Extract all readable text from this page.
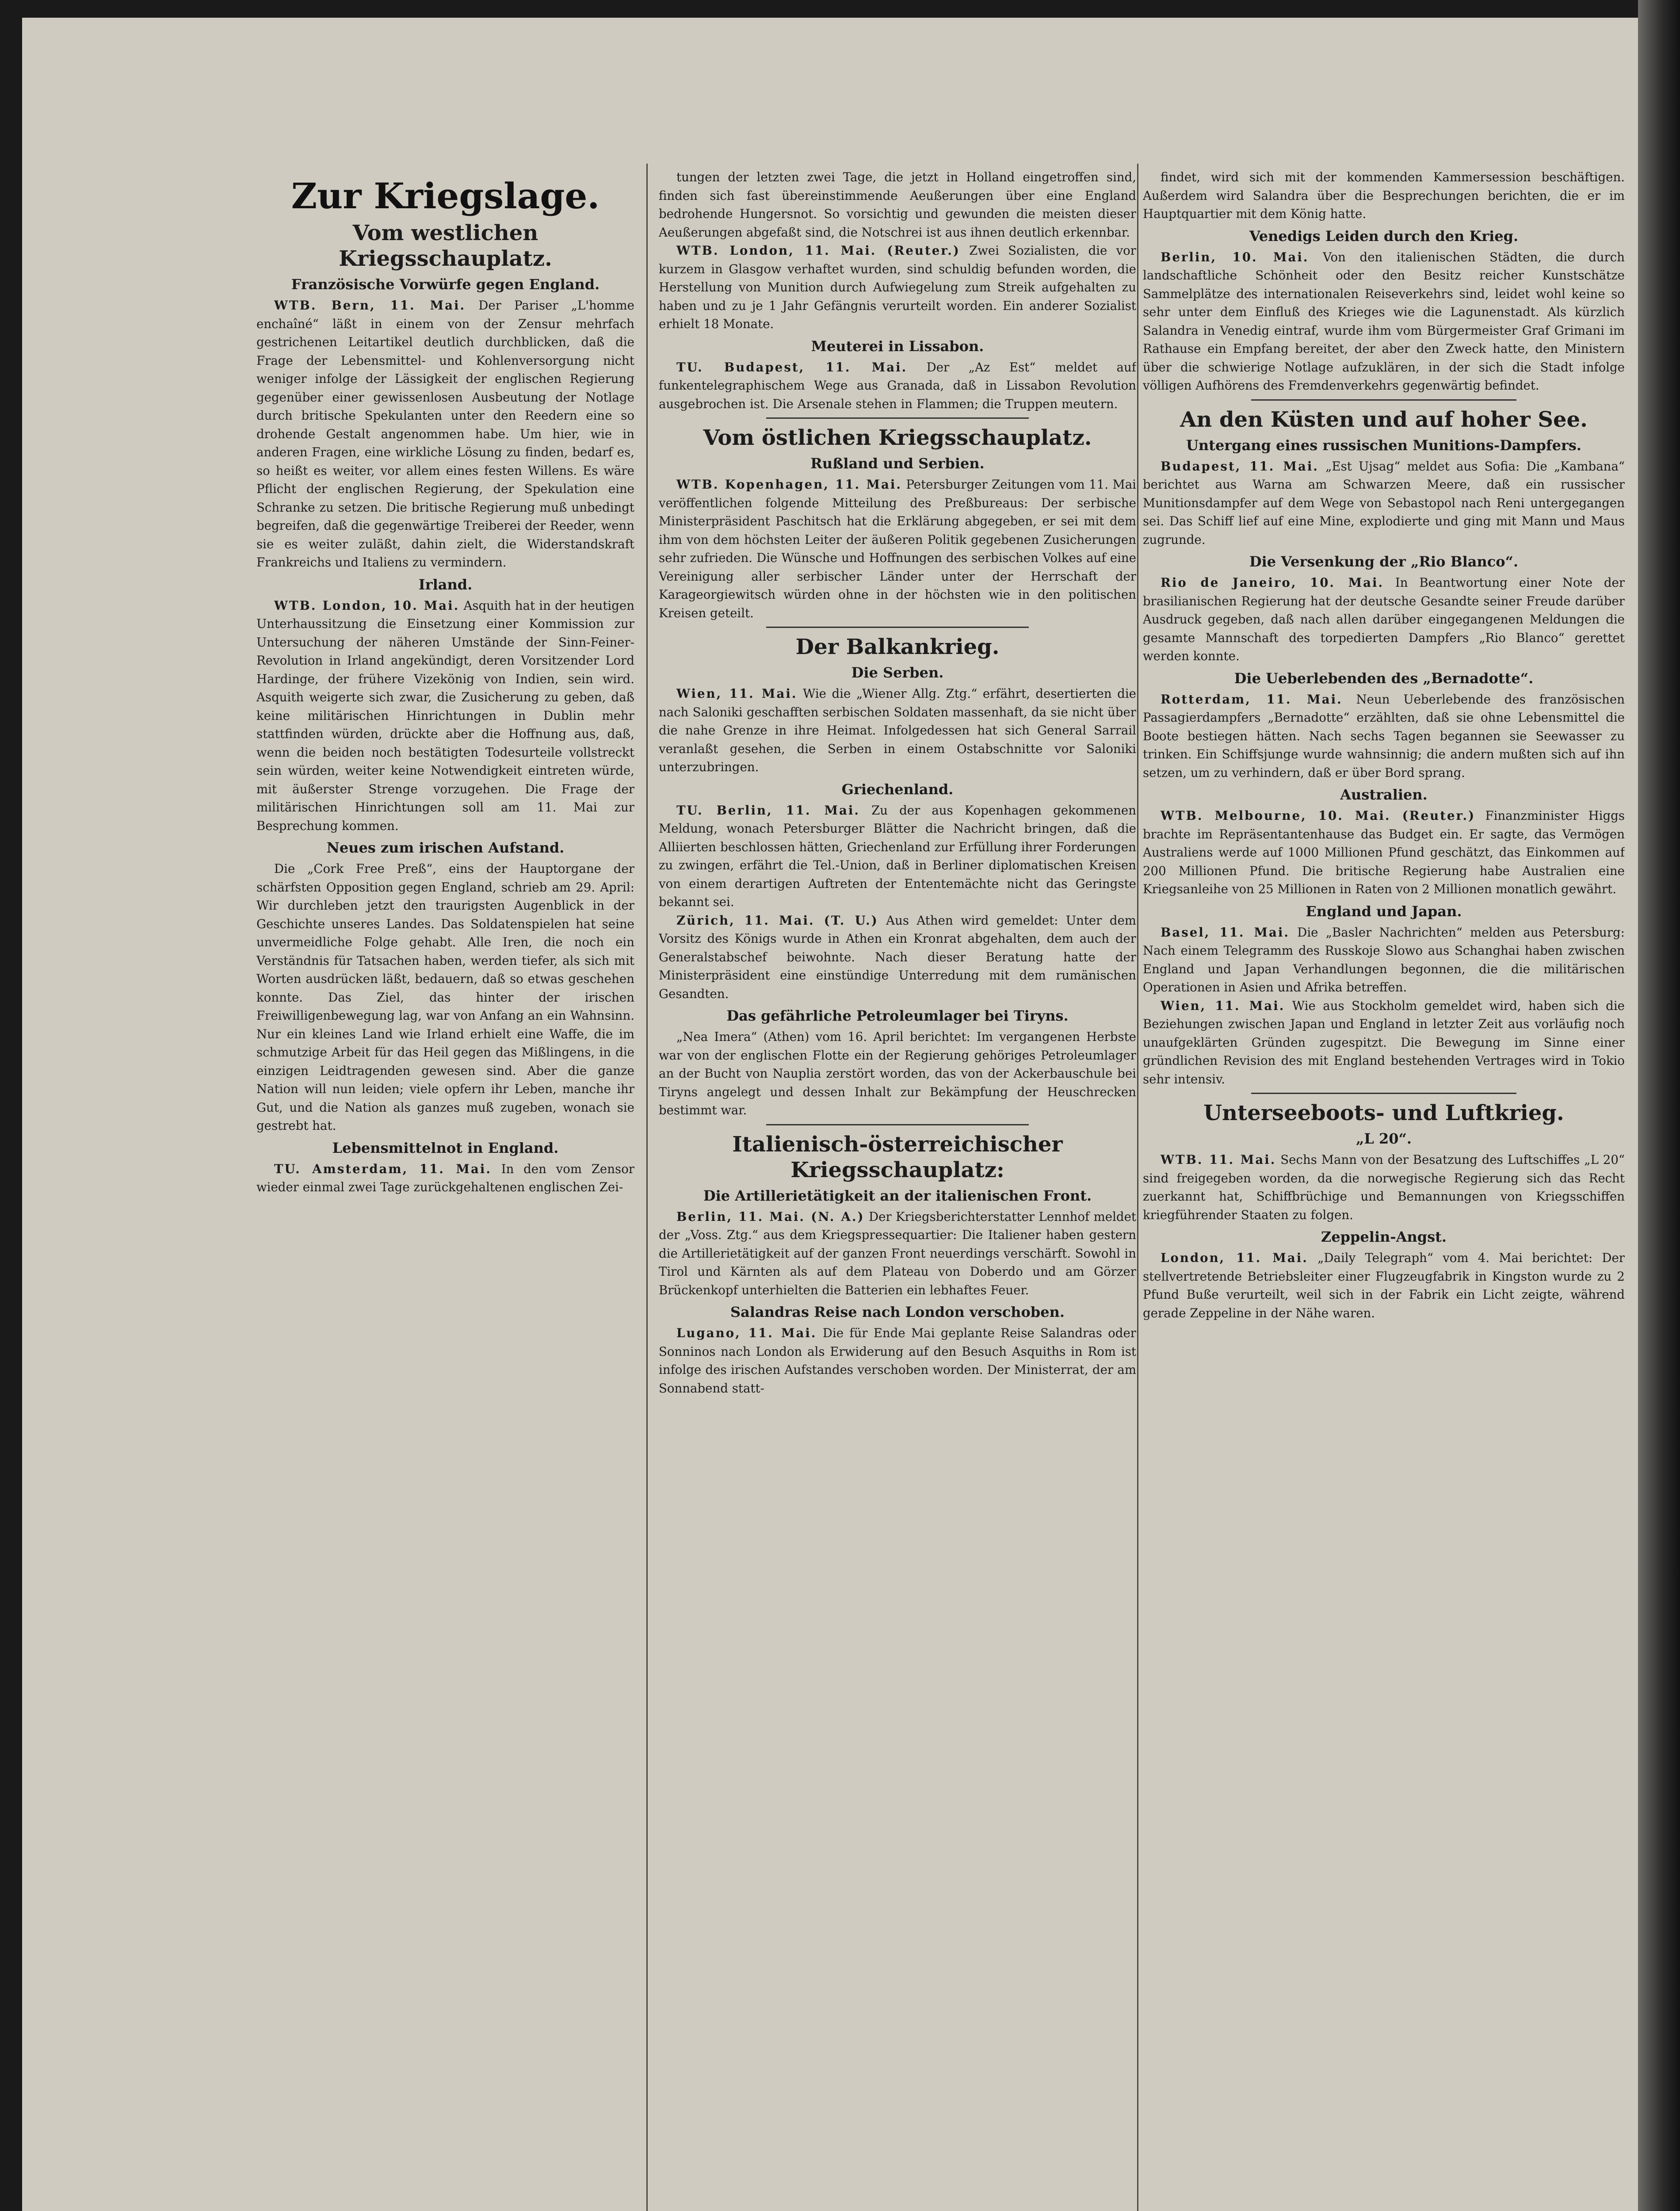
Zur Kriegslage.
Vom westlichen Kriegsschauplatz.
Französische Vorwürfe gegen England.

WTB. Bern, 11. Mai. Der Pariser „L'homme enchaîné“ läßt in einem von der Zensur mehrfach gestrichenen Leitartikel deutlich durchblicken, daß die Frage der Lebensmittel- und Kohlenversorgung nicht weniger infolge der Lässigkeit der englischen Regierung gegenüber einer gewissenlosen Ausbeutung der Notlage durch britische Spekulanten unter den Reedern eine so drohende Gestalt angenommen habe. Um hier, wie in anderen Fragen, eine wirkliche Lösung zu finden, bedarf es, so heißt es weiter, vor allem eines festen Willens. Es wäre Pflicht der englischen Regierung, der Spekulation eine Schranke zu setzen. Die britische Regierung muß unbedingt begreifen, daß die gegenwärtige Treiberei der Reeder, wenn sie es weiter zuläßt, dahin zielt, die Widerstandskraft Frankreichs und Italiens zu vermindern.

Irland.

WTB. London, 10. Mai. Asquith hat in der heutigen Unterhaussitzung die Einsetzung einer Kommission zur Untersuchung der näheren Umstände der Sinn-Feiner-Revolution in Irland angekündigt, deren Vorsitzender Lord Hardinge, der frühere Vizekönig von Indien, sein wird. Asquith weigerte sich zwar, die Zusicherung zu geben, daß keine militärischen Hinrichtungen in Dublin mehr stattfinden würden, drückte aber die Hoffnung aus, daß, wenn die beiden noch bestätigten Todesurteile vollstreckt sein würden, weiter keine Notwendigkeit eintreten würde, mit äußerster Strenge vorzugehen. Die Frage der militärischen Hinrichtungen soll am 11. Mai zur Besprechung kommen.

Neues zum irischen Aufstand.

Die „Cork Free Preß“, eins der Hauptorgane der schärfsten Opposition gegen England, schrieb am 29. April: Wir durchleben jetzt den traurigsten Augenblick in der Geschichte unseres Landes. Das Soldatenspielen hat seine unvermeidliche Folge gehabt. Alle Iren, die noch ein Verständnis für Tatsachen haben, werden tiefer, als sich mit Worten ausdrücken läßt, bedauern, daß so etwas geschehen konnte. Das Ziel, das hinter der irischen Freiwilligenbewegung lag, war von Anfang an ein Wahnsinn. Nur ein kleines Land wie Irland erhielt eine Waffe, die im schmutzige Arbeit für das Heil gegen das Mißlingens, in die einzigen Leidtragenden gewesen sind. Aber die ganze Nation will nun leiden; viele opfern ihr Leben, manche ihr Gut, und die Nation als ganzes muß zugeben, wonach sie gestrebt hat.

Lebensmittelnot in England.

TU. Amsterdam, 11. Mai. In den vom Zensor wieder einmal zwei Tage zurückgehaltenen englischen Zei-

tungen der letzten zwei Tage, die jetzt in Holland eingetroffen sind, finden sich fast übereinstimmende Aeußerungen über eine England bedrohende Hungersnot. So vorsichtig und gewunden die meisten dieser Aeußerungen abgefaßt sind, die Notschrei ist aus ihnen deutlich erkennbar.

WTB. London, 11. Mai. (Reuter.) Zwei Sozialisten, die vor kurzem in Glasgow verhaftet wurden, sind schuldig befunden worden, die Herstellung von Munition durch Aufwiegelung zum Streik aufgehalten zu haben und zu je 1 Jahr Gefängnis verurteilt worden. Ein anderer Sozialist erhielt 18 Monate.

Meuterei in Lissabon.

TU. Budapest, 11. Mai. Der „Az Est“ meldet auf funkentelegraphischem Wege aus Granada, daß in Lissabon Revolution ausgebrochen ist. Die Arsenale stehen in Flammen; die Truppen meutern.

Vom östlichen Kriegsschauplatz.
Rußland und Serbien.

WTB. Kopenhagen, 11. Mai. Petersburger Zeitungen vom 11. Mai veröffentlichen folgende Mitteilung des Preßbureaus: Der serbische Ministerpräsident Paschitsch hat die Erklärung abgegeben, er sei mit dem ihm von dem höchsten Leiter der äußeren Politik gegebenen Zusicherungen sehr zufrieden. Die Wünsche und Hoffnungen des serbischen Volkes auf eine Vereinigung aller serbischer Länder unter der Herrschaft der Karageorgiewitsch würden ohne in der höchsten wie in den politischen Kreisen geteilt.

Der Balkankrieg.
Die Serben.

Wien, 11. Mai. Wie die „Wiener Allg. Ztg.“ erfährt, desertierten die nach Saloniki geschafften serbischen Soldaten massenhaft, da sie nicht über die nahe Grenze in ihre Heimat. Infolgedessen hat sich General Sarrail veranlaßt gesehen, die Serben in einem Ostabschnitte vor Saloniki unterzubringen.

Griechenland.

TU. Berlin, 11. Mai. Zu der aus Kopenhagen gekommenen Meldung, wonach Petersburger Blätter die Nachricht bringen, daß die Alliierten beschlossen hätten, Griechenland zur Erfüllung ihrer Forderungen zu zwingen, erfährt die Tel.-Union, daß in Berliner diplomatischen Kreisen von einem derartigen Auftreten der Ententemächte nicht das Geringste bekannt sei.

Zürich, 11. Mai. (T. U.) Aus Athen wird gemeldet: Unter dem Vorsitz des Königs wurde in Athen ein Kronrat abgehalten, dem auch der Generalstabschef beiwohnte. Nach dieser Beratung hatte der Ministerpräsident eine einstündige Unterredung mit dem rumänischen Gesandten.

Das gefährliche Petroleumlager bei Tiryns.

„Nea Imera“ (Athen) vom 16. April berichtet: Im vergangenen Herbste war von der englischen Flotte ein der Regierung gehöriges Petroleumlager an der Bucht von Nauplia zerstört worden, das von der Ackerbauschule bei Tiryns angelegt und dessen Inhalt zur Bekämpfung der Heuschrecken bestimmt war.

Italienisch-österreichischer Kriegsschauplatz:
Die Artillerietätigkeit an der italienischen Front.

Berlin, 11. Mai. (N. A.) Der Kriegsberichterstatter Lennhof meldet der „Voss. Ztg.“ aus dem Kriegspressequartier: Die Italiener haben gestern die Artillerietätigkeit auf der ganzen Front neuerdings verschärft. Sowohl in Tirol und Kärnten als auf dem Plateau von Doberdo und am Görzer Brückenkopf unterhielten die Batterien ein lebhaftes Feuer.

Salandras Reise nach London verschoben.

Lugano, 11. Mai. Die für Ende Mai geplante Reise Salandras oder Sonninos nach London als Erwiderung auf den Besuch Asquiths in Rom ist infolge des irischen Aufstandes verschoben worden. Der Ministerrat, der am Sonnabend statt-

findet, wird sich mit der kommenden Kammersession beschäftigen. Außerdem wird Salandra über die Besprechungen berichten, die er im Hauptquartier mit dem König hatte.

Venedigs Leiden durch den Krieg.

Berlin, 10. Mai. Von den italienischen Städten, die durch landschaftliche Schönheit oder den Besitz reicher Kunstschätze Sammelplätze des internationalen Reiseverkehrs sind, leidet wohl keine so sehr unter dem Einfluß des Krieges wie die Lagunenstadt. Als kürzlich Salandra in Venedig eintraf, wurde ihm vom Bürgermeister Graf Grimani im Rathause ein Empfang bereitet, der aber den Zweck hatte, den Ministern über die schwierige Notlage aufzuklären, in der sich die Stadt infolge völligen Aufhörens des Fremdenverkehrs gegenwärtig befindet.

An den Küsten und auf hoher See.
Untergang eines russischen Munitions-Dampfers.

Budapest, 11. Mai. „Est Ujsag“ meldet aus Sofia: Die „Kambana“ berichtet aus Warna am Schwarzen Meere, daß ein russischer Munitionsdampfer auf dem Wege von Sebastopol nach Reni untergegangen sei. Das Schiff lief auf eine Mine, explodierte und ging mit Mann und Maus zugrunde.

Die Versenkung der „Rio Blanco“.

Rio de Janeiro, 10. Mai. In Beantwortung einer Note der brasilianischen Regierung hat der deutsche Gesandte seiner Freude darüber Ausdruck gegeben, daß nach allen darüber eingegangenen Meldungen die gesamte Mannschaft des torpedierten Dampfers „Rio Blanco“ gerettet werden konnte.

Die Ueberlebenden des „Bernadotte“.

Rotterdam, 11. Mai. Neun Ueberlebende des französischen Passagierdampfers „Bernadotte“ erzählten, daß sie ohne Lebensmittel die Boote bestiegen hätten. Nach sechs Tagen begannen sie Seewasser zu trinken. Ein Schiffsjunge wurde wahnsinnig; die andern mußten sich auf ihn setzen, um zu verhindern, daß er über Bord sprang.

Australien.

WTB. Melbourne, 10. Mai. (Reuter.) Finanzminister Higgs brachte im Repräsentantenhause das Budget ein. Er sagte, das Vermögen Australiens werde auf 1000 Millionen Pfund geschätzt, das Einkommen auf 200 Millionen Pfund. Die britische Regierung habe Australien eine Kriegsanleihe von 25 Millionen in Raten von 2 Millionen monatlich gewährt.

England und Japan.

Basel, 11. Mai. Die „Basler Nachrichten“ melden aus Petersburg: Nach einem Telegramm des Russkoje Slowo aus Schanghai haben zwischen England und Japan Verhandlungen begonnen, die die militärischen Operationen in Asien und Afrika betreffen.

Wien, 11. Mai. Wie aus Stockholm gemeldet wird, haben sich die Beziehungen zwischen Japan und England in letzter Zeit aus vorläufig noch unaufgeklärten Gründen zugespitzt. Die Bewegung im Sinne einer gründlichen Revision des mit England bestehenden Vertrages wird in Tokio sehr intensiv.

Unterseeboots- und Luftkrieg.
„L 20“.

WTB. 11. Mai. Sechs Mann von der Besatzung des Luftschiffes „L 20“ sind freigegeben worden, da die norwegische Regierung sich das Recht zuerkannt hat, Schiffbrüchige und Bemannungen von Kriegsschiffen kriegführender Staaten zu folgen.

Zeppelin-Angst.

London, 11. Mai. „Daily Telegraph“ vom 4. Mai berichtet: Der stellvertretende Betriebsleiter einer Flugzeugfabrik in Kingston wurde zu 2 Pfund Buße verurteilt, weil sich in der Fabrik ein Licht zeigte, während gerade Zeppeline in der Nähe waren.
